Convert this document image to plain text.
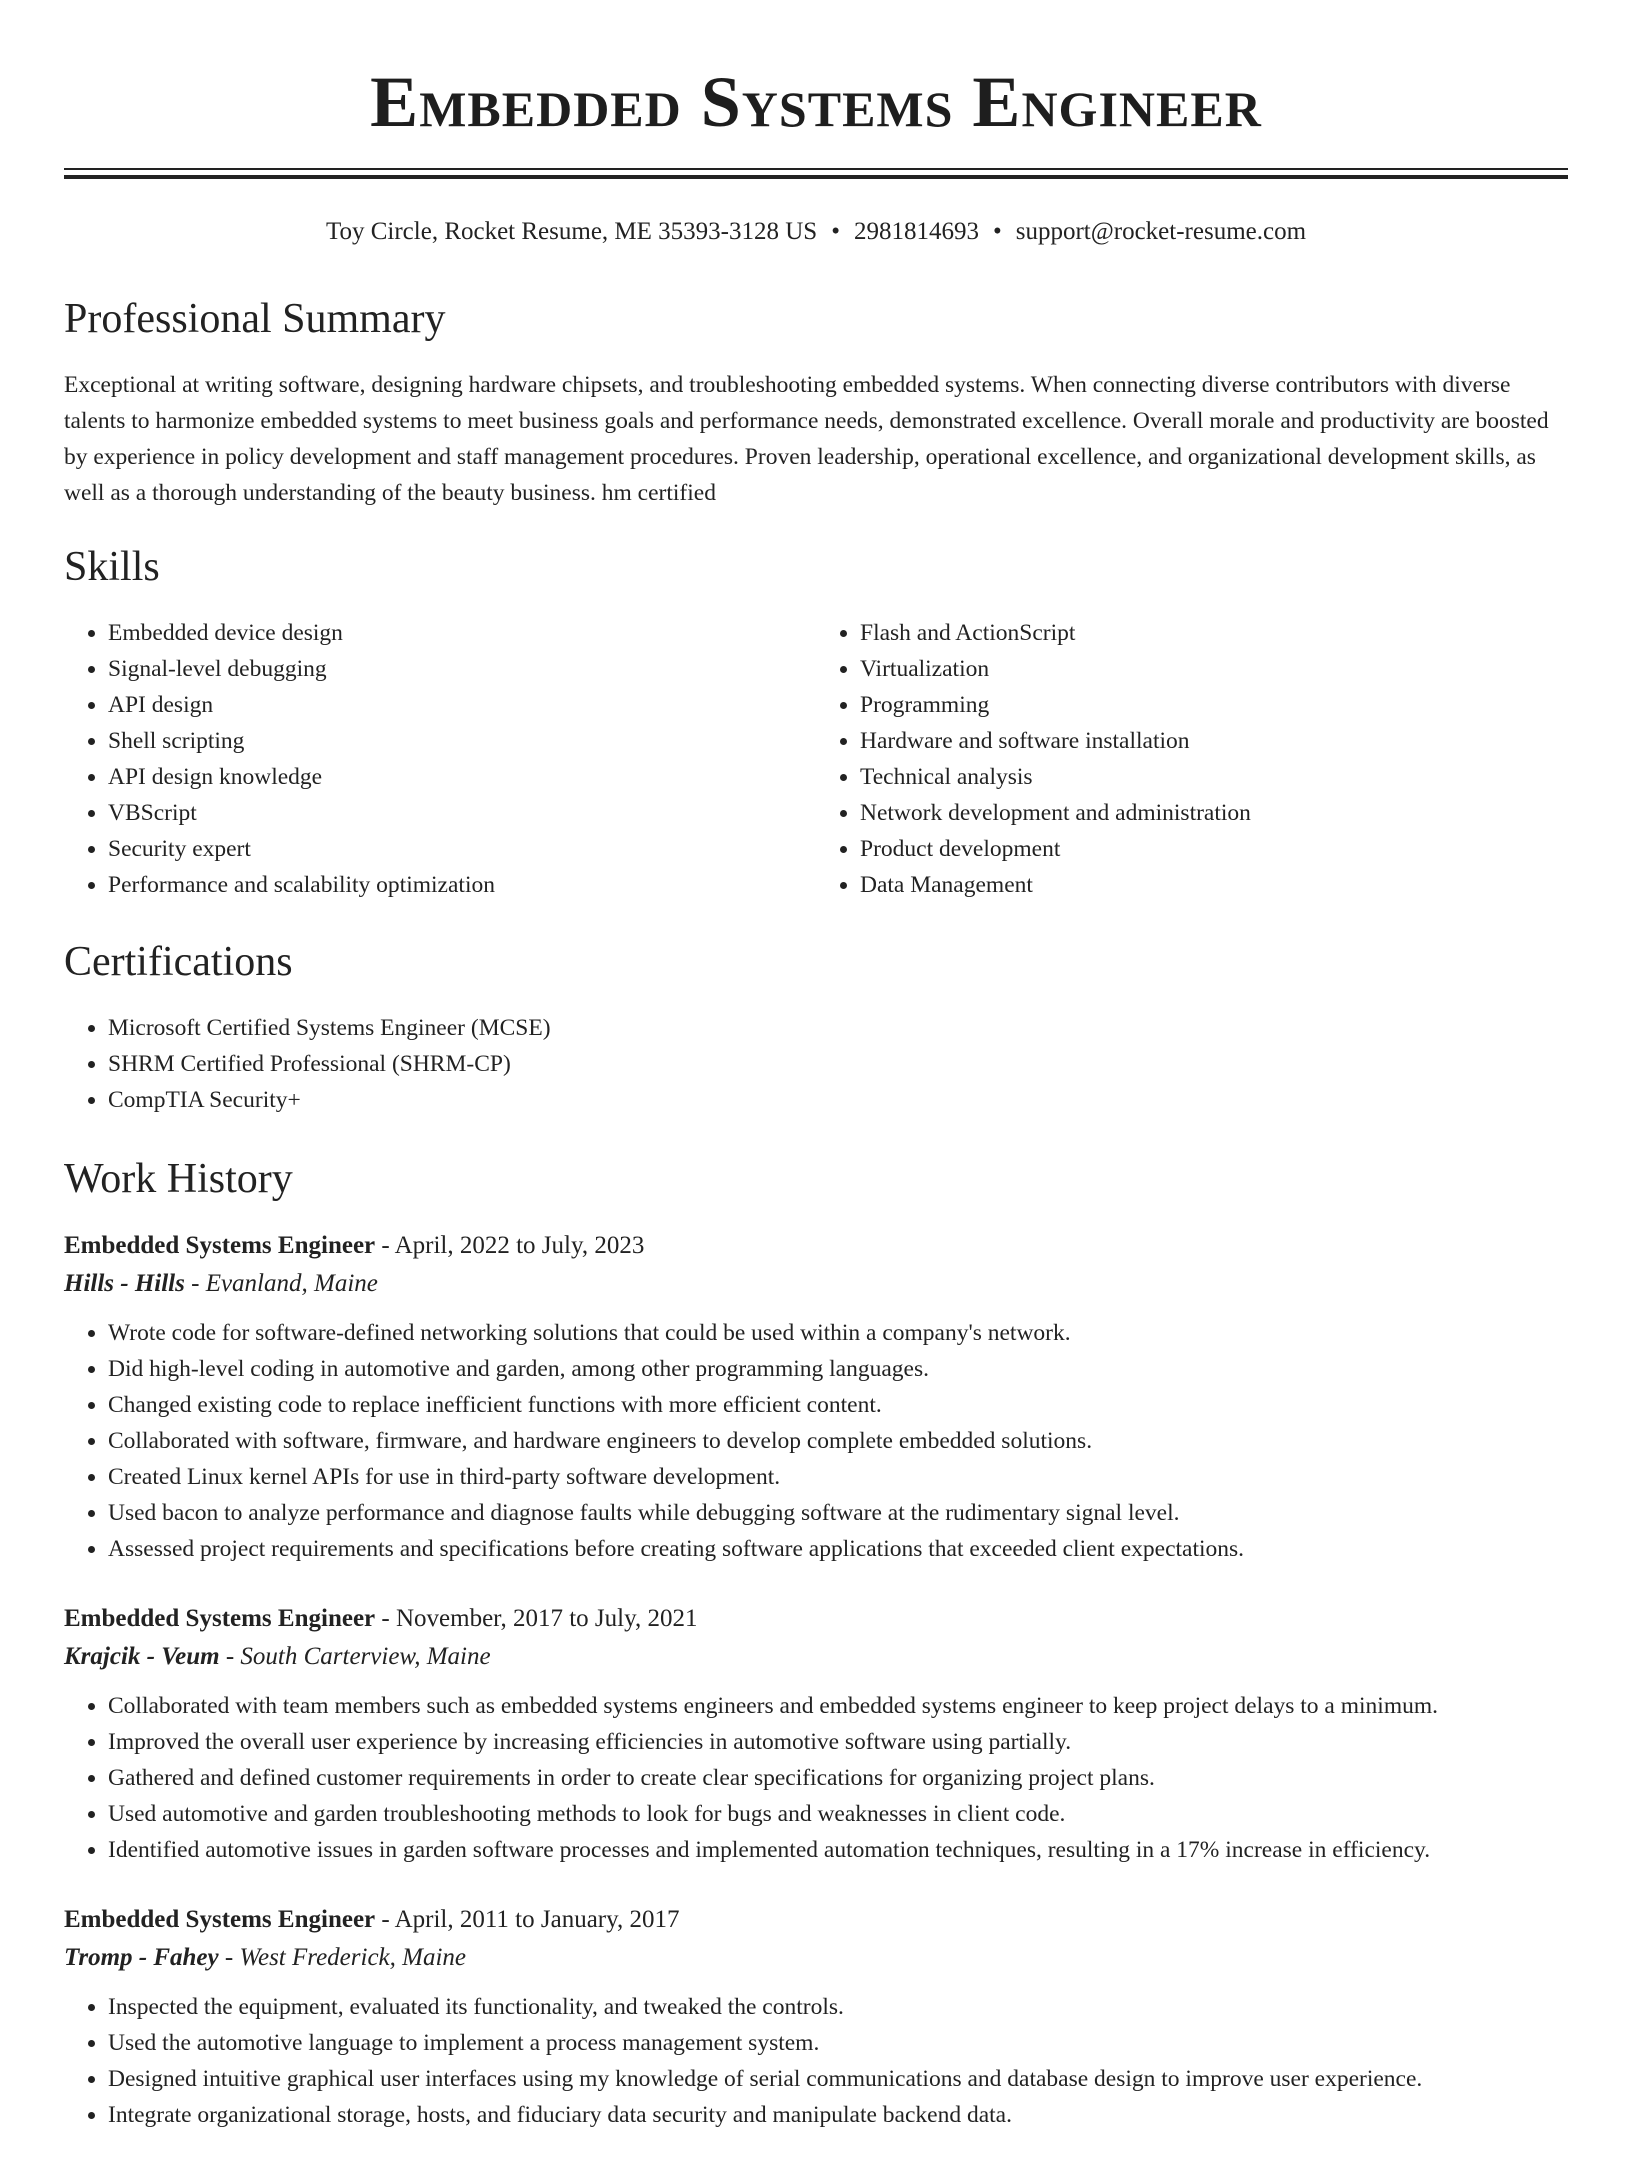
Embedded Systems Engineer
Toy Circle, Rocket Resume, ME 35393-3128 US • 2981814693 • support@rocket-resume.com
Professional Summary

Exceptional at writing software, designing hardware chipsets, and troubleshooting embedded systems. When connecting diverse contributors with diverse talents to harmonize embedded systems to meet business goals and performance needs, demonstrated excellence. Overall morale and productivity are boosted by experience in policy development and staff management procedures. Proven leadership, operational excellence, and organizational development skills, as well as a thorough understanding of the beauty business. hm certified

Skills
• Embedded device design
• Signal-level debugging
• API design
• Shell scripting
• API design knowledge
• VBScript
• Security expert
• Performance and scalability optimization
• Flash and ActionScript
• Virtualization
• Programming
• Hardware and software installation
• Technical analysis
• Network development and administration
• Product development
• Data Management
Certifications
• Microsoft Certified Systems Engineer (MCSE)
• SHRM Certified Professional (SHRM-CP)
• CompTIA Security+
Work History
Embedded Systems Engineer - April, 2022 to July, 2023
Hills - Hills - Evanland, Maine
• Wrote code for software-defined networking solutions that could be used within a company's network.
• Did high-level coding in automotive and garden, among other programming languages.
• Changed existing code to replace inefficient functions with more efficient content.
• Collaborated with software, firmware, and hardware engineers to develop complete embedded solutions.
• Created Linux kernel APIs for use in third-party software development.
• Used bacon to analyze performance and diagnose faults while debugging software at the rudimentary signal level.
• Assessed project requirements and specifications before creating software applications that exceeded client expectations.
Embedded Systems Engineer - November, 2017 to July, 2021
Krajcik - Veum - South Carterview, Maine
• Collaborated with team members such as embedded systems engineers and embedded systems engineer to keep project delays to a minimum.
• Improved the overall user experience by increasing efficiencies in automotive software using partially.
• Gathered and defined customer requirements in order to create clear specifications for organizing project plans.
• Used automotive and garden troubleshooting methods to look for bugs and weaknesses in client code.
• Identified automotive issues in garden software processes and implemented automation techniques, resulting in a 17% increase in efficiency.
Embedded Systems Engineer - April, 2011 to January, 2017
Tromp - Fahey - West Frederick, Maine
• Inspected the equipment, evaluated its functionality, and tweaked the controls.
• Used the automotive language to implement a process management system.
• Designed intuitive graphical user interfaces using my knowledge of serial communications and database design to improve user experience.
• Integrate organizational storage, hosts, and fiduciary data security and manipulate backend data.
